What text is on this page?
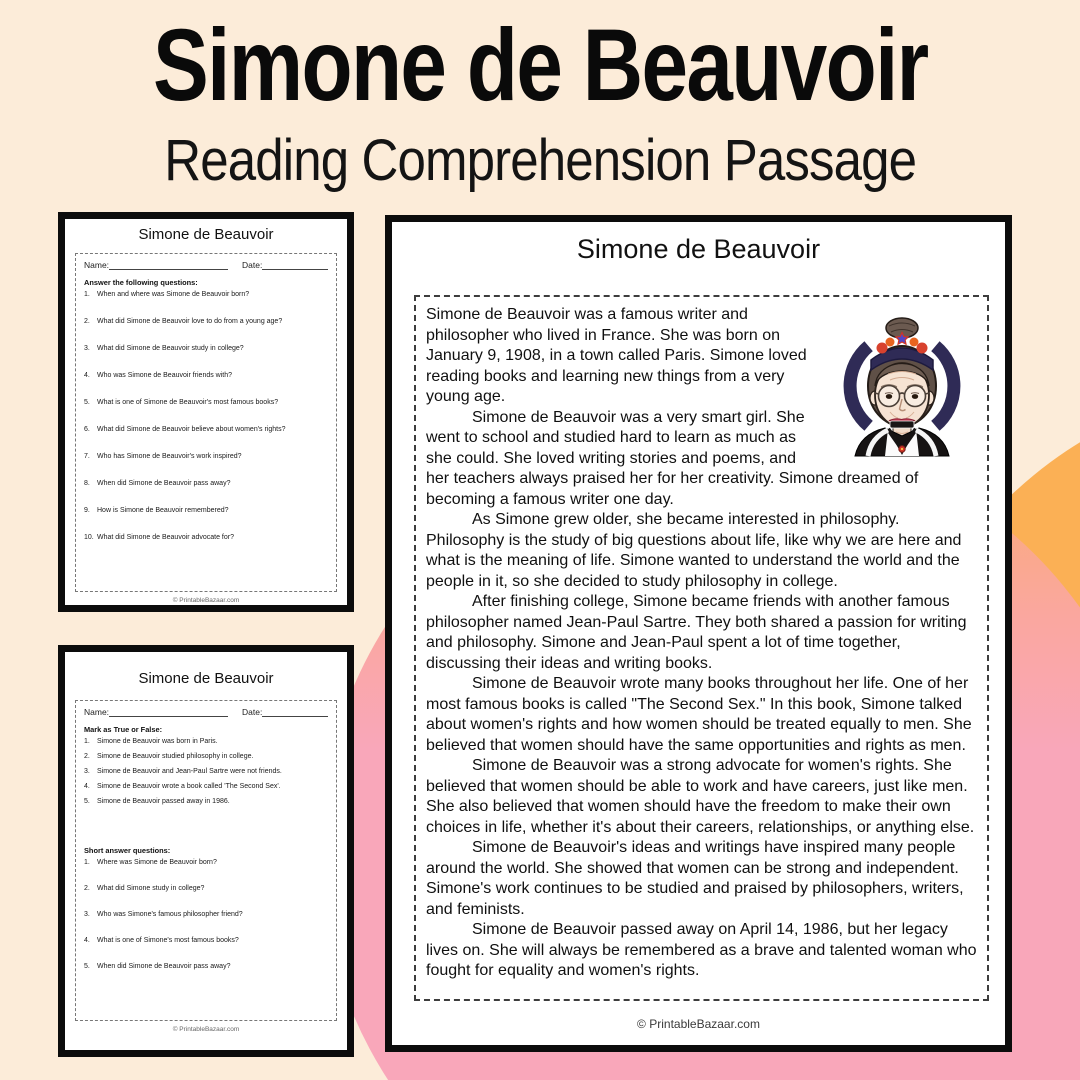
Simone de Beauvoir
Reading Comprehension Passage
Simone de Beauvoir
Name:	Date:
Answer the following questions:
1.	When and where was Simone de Beauvoir born?
2.	What did Simone de Beauvoir love to do from a young age?
3.	What did Simone de Beauvoir study in college?
4.	Who was Simone de Beauvoir friends with?
5.	What is one of Simone de Beauvoir's most famous books?
6.	What did Simone de Beauvoir believe about women's rights?
7.	Who has Simone de Beauvoir's work inspired?
8.	When did Simone de Beauvoir pass away?
9.	How is Simone de Beauvoir remembered?
10. What did Simone de Beauvoir advocate for?
© PrintableBazaar.com
Simone de Beauvoir
Name:	Date:
Mark as True or False:
1.	Simone de Beauvoir was born in Paris.
2.	Simone de Beauvoir studied philosophy in college.
3.	Simone de Beauvoir and Jean-Paul Sartre were not friends.
4.	Simone de Beauvoir wrote a book called 'The Second Sex'.
5.	Simone de Beauvoir passed away in 1986.
Short answer questions:
1.	Where was Simone de Beauvoir born?
2.	What did Simone study in college?
3.	Who was Simone's famous philosopher friend?
4.	What is one of Simone's most famous books?
5.	When did Simone de Beauvoir pass away?
© PrintableBazaar.com
Simone de Beauvoir

Simone de Beauvoir was a famous writer and philosopher who lived in France. She was born on January 9, 1908, in a town called Paris. Simone loved reading books and learning new things from a very young age.

Simone de Beauvoir was a very smart girl. She went to school and studied hard to learn as much as she could. She loved writing stories and poems, and her teachers always praised her for her creativity. Simone dreamed of becoming a famous writer one day.

As Simone grew older, she became interested in philosophy. Philosophy is the study of big questions about life, like why we are here and what is the meaning of life. Simone wanted to understand the world and the people in it, so she decided to study philosophy in college.

After finishing college, Simone became friends with another famous philosopher named Jean-Paul Sartre. They both shared a passion for writing and philosophy. Simone and Jean-Paul spent a lot of time together, discussing their ideas and writing books.

Simone de Beauvoir wrote many books throughout her life. One of her most famous books is called "The Second Sex." In this book, Simone talked about women's rights and how women should be treated equally to men. She believed that women should have the same opportunities and rights as men.

Simone de Beauvoir was a strong advocate for women's rights. She believed that women should be able to work and have careers, just like men. She also believed that women should have the freedom to make their own choices in life, whether it's about their careers, relationships, or anything else.

Simone de Beauvoir's ideas and writings have inspired many people around the world. She showed that women can be strong and independent. Simone's work continues to be studied and praised by philosophers, writers, and feminists.

Simone de Beauvoir passed away on April 14, 1986, but her legacy lives on. She will always be remembered as a brave and talented woman who fought for equality and women's rights.

© PrintableBazaar.com
